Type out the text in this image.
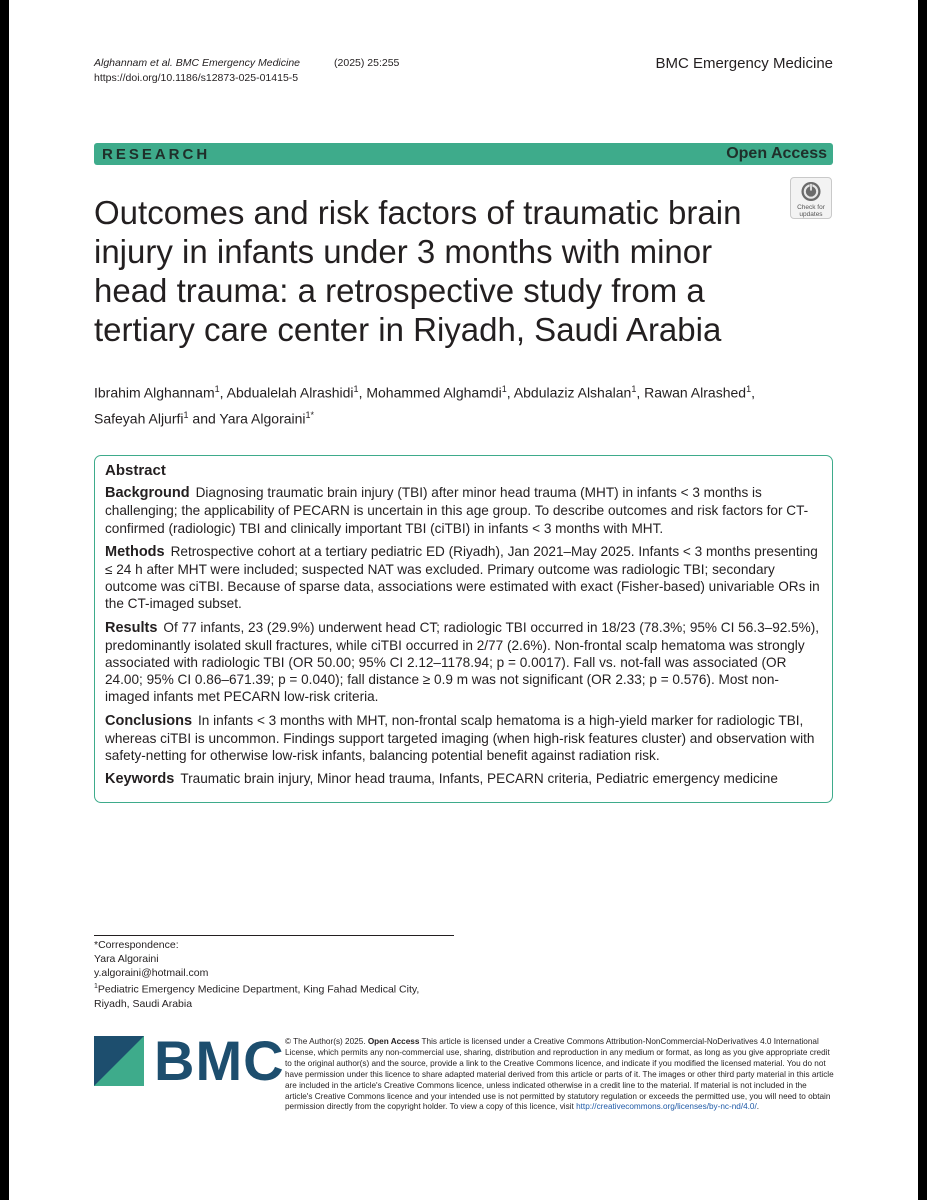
Alghannam et al. BMC Emergency Medicine	(2025) 25:255
https://doi.org/10.1186/s12873-025-01415-5
BMC Emergency Medicine
RESEARCH	Open Access
Check for updates
Outcomes and risk factors of traumatic brain injury in infants under 3 months with minor head trauma: a retrospective study from a tertiary care center in Riyadh, Saudi Arabia
Ibrahim Alghannam$^1$, Abdualelah Alrashidi$^1$, Mohammed Alghamdi$^1$, Abdulaziz Alshalan$^1$, Rawan Alrashed$^1$,
Safeyah Aljurfi$^1$ and Yara Algoraini$^{1*}$
Abstract

Background Diagnosing traumatic brain injury (TBI) after minor head trauma (MHT) in infants < 3 months is challenging; the applicability of PECARN is uncertain in this age group. To describe outcomes and risk factors for CT-confirmed (radiologic) TBI and clinically important TBI (ciTBI) in infants < 3 months with MHT.

Methods Retrospective cohort at a tertiary pediatric ED (Riyadh), Jan 2021–May 2025. Infants < 3 months presenting ≤ 24 h after MHT were included; suspected NAT was excluded. Primary outcome was radiologic TBI; secondary outcome was ciTBI. Because of sparse data, associations were estimated with exact (Fisher-based) univariable ORs in the CT-imaged subset.

Results Of 77 infants, 23 (29.9%) underwent head CT; radiologic TBI occurred in 18/23 (78.3%; 95% CI 56.3–92.5%), predominantly isolated skull fractures, while ciTBI occurred in 2/77 (2.6%). Non-frontal scalp hematoma was strongly associated with radiologic TBI (OR 50.00; 95% CI 2.12–1178.94; p = 0.0017). Fall vs. not-fall was associated (OR 24.00; 95% CI 0.86–671.39; p = 0.040); fall distance ≥ 0.9 m was not significant (OR 2.33; p = 0.576). Most non-imaged infants met PECARN low-risk criteria.

Conclusions In infants < 3 months with MHT, non-frontal scalp hematoma is a high-yield marker for radiologic TBI, whereas ciTBI is uncommon. Findings support targeted imaging (when high-risk features cluster) and observation with safety-netting for otherwise low-risk infants, balancing potential benefit against radiation risk.

Keywords Traumatic brain injury, Minor head trauma, Infants, PECARN criteria, Pediatric emergency medicine

*Correspondence:
Yara Algoraini
y.algoraini@hotmail.com
$^1$Pediatric Emergency Medicine Department, King Fahad Medical City,
Riyadh, Saudi Arabia
BMC © The Author(s) 2025. Open Access This article is licensed under a Creative Commons Attribution-NonCommercial-NoDerivatives 4.0 International License, which permits any non-commercial use, sharing, distribution and reproduction in any medium or format, as long as you give appropriate credit to the original author(s) and the source, provide a link to the Creative Commons licence, and indicate if you modified the licensed material. You do not have permission under this licence to share adapted material derived from this article or parts of it. The images or other third party material in this article are included in the article's Creative Commons licence, unless indicated otherwise in a credit line to the material. If material is not included in the article's Creative Commons licence and your intended use is not permitted by statutory regulation or exceeds the permitted use, you will need to obtain permission directly from the copyright holder. To view a copy of this licence, visit http://creativecommons.org/licenses/by-nc-nd/4.0/.
